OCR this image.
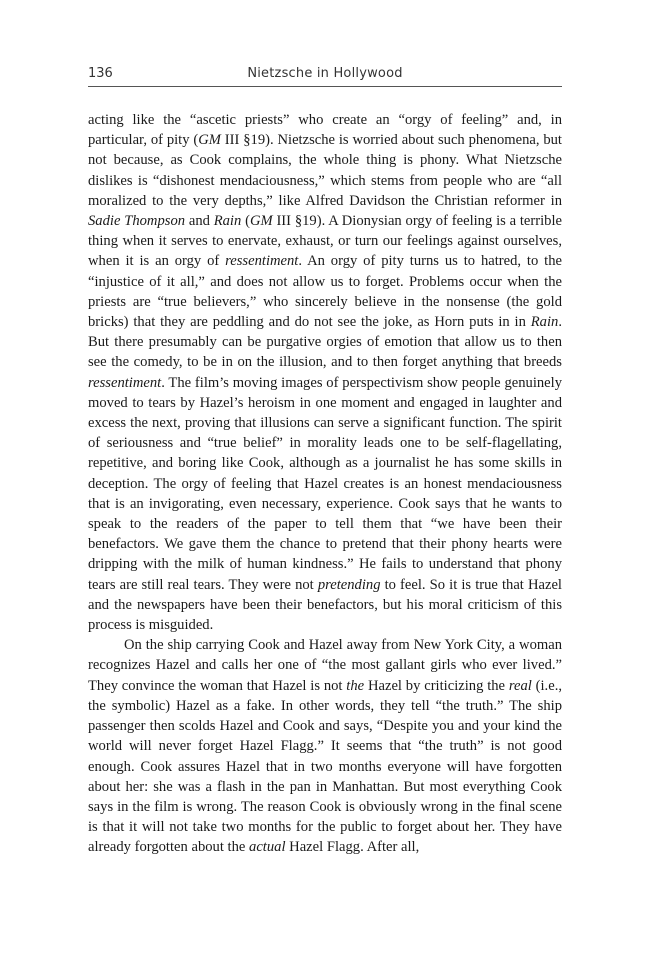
136	Nietzsche in Hollywood

acting like the “ascetic priests” who create an “orgy of feeling” and, in particular, of pity (GM III §19). Nietzsche is worried about such phenomena, but not because, as Cook complains, the whole thing is phony. What Nietzsche dislikes is “dishonest mendaciousness,” which stems from people who are “all moralized to the very depths,” like Alfred Davidson the Christian reformer in Sadie Thompson and Rain (GM III §19). A Dionysian orgy of feeling is a terrible thing when it serves to enervate, exhaust, or turn our feelings against ourselves, when it is an orgy of ressentiment. An orgy of pity turns us to hatred, to the “injustice of it all,” and does not allow us to forget. Problems occur when the priests are “true believers,” who sincerely believe in the nonsense (the gold bricks) that they are peddling and do not see the joke, as Horn puts in in Rain. But there presumably can be purgative orgies of emotion that allow us to then see the comedy, to be in on the illusion, and to then forget anything that breeds ressentiment. The film’s moving images of perspectivism show people genuinely moved to tears by Hazel’s heroism in one moment and engaged in laughter and excess the next, proving that illusions can serve a significant function. The spirit of seriousness and “true belief” in morality leads one to be self-flagellating, repetitive, and boring like Cook, although as a journalist he has some skills in deception. The orgy of feeling that Hazel creates is an honest mendaciousness that is an invigorating, even necessary, experience. Cook says that he wants to speak to the readers of the paper to tell them that “we have been their benefactors. We gave them the chance to pretend that their phony hearts were dripping with the milk of human kindness.” He fails to understand that phony tears are still real tears. They were not pretending to feel. So it is true that Hazel and the newspapers have been their benefactors, but his moral criticism of this process is misguided.

On the ship carrying Cook and Hazel away from New York City, a woman recognizes Hazel and calls her one of “the most gallant girls who ever lived.” They convince the woman that Hazel is not the Hazel by criticizing the real (i.e., the symbolic) Hazel as a fake. In other words, they tell “the truth.” The ship passenger then scolds Hazel and Cook and says, “Despite you and your kind the world will never forget Hazel Flagg.” It seems that “the truth” is not good enough. Cook assures Hazel that in two months everyone will have forgotten about her: she was a flash in the pan in Manhattan. But most everything Cook says in the film is wrong. The reason Cook is obviously wrong in the final scene is that it will not take two months for the public to forget about her. They have already forgotten about the actual Hazel Flagg. After all,
